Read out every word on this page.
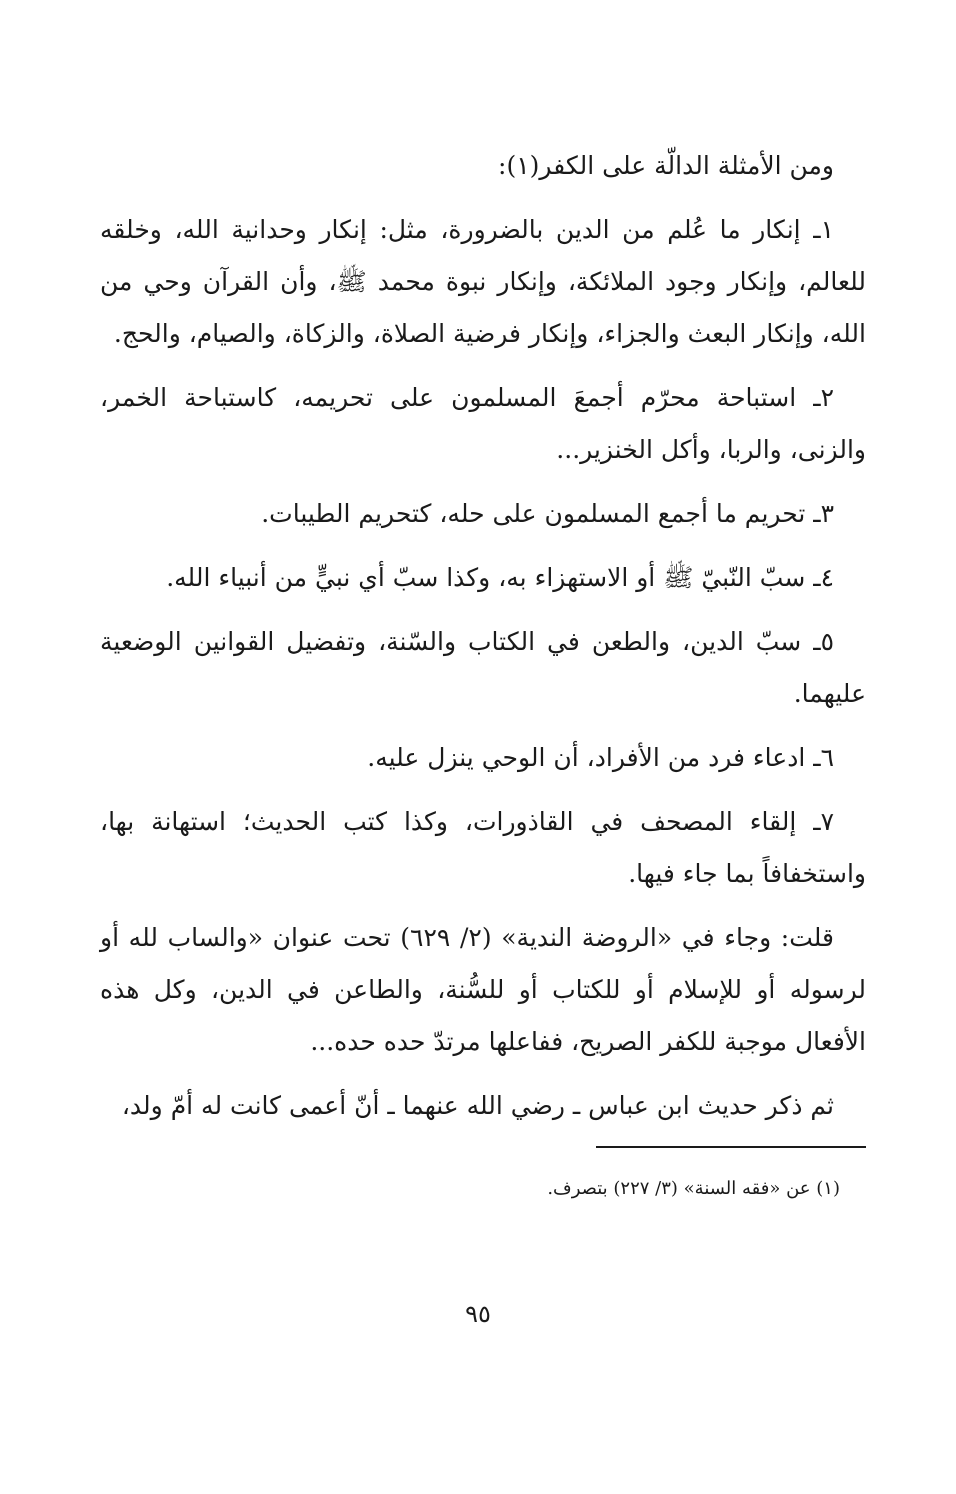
ومن الأمثلة الدالّة على الكفر(١):

١ـ إنكار ما عُلم من الدين بالضرورة، مثل: إنكار وحدانية الله، وخلقه للعالم، وإنكار وجود الملائكة، وإنكار نبوة محمد ﷺ، وأن القرآن وحي من الله، وإنكار البعث والجزاء، وإنكار فرضية الصلاة، والزكاة، والصيام، والحج.

٢ـ استباحة محرّم أجمعَ المسلمون على تحريمه، كاستباحة الخمر، والزنى، والربا، وأكل الخنزير...

٣ـ تحريم ما أجمع المسلمون على حله، كتحريم الطيبات.

٤ـ سبّ النّبيّ ﷺ أو الاستهزاء به، وكذا سبّ أي نبيٍّ من أنبياء الله.

٥ـ سبّ الدين، والطعن في الكتاب والسّنة، وتفضيل القوانين الوضعية عليهما.

٦ـ ادعاء فرد من الأفراد، أن الوحي ينزل عليه.

٧ـ إلقاء المصحف في القاذورات، وكذا كتب الحديث؛ استهانة بها، واستخفافاً بما جاء فيها.

قلت: وجاء في «الروضة الندية» (٢/ ٦٢٩) تحت عنوان «والساب لله أو لرسوله أو للإسلام أو للكتاب أو للسُّنة، والطاعن في الدين، وكل هذه الأفعال موجبة للكفر الصريح، ففاعلها مرتدّ حده حده...

ثم ذكر حديث ابن عباس ـ رضي الله عنهما ـ أنّ أعمى كانت له أمّ ولد،

(١) عن «فقه السنة» (٣/ ٢٢٧) بتصرف.
٩٥
